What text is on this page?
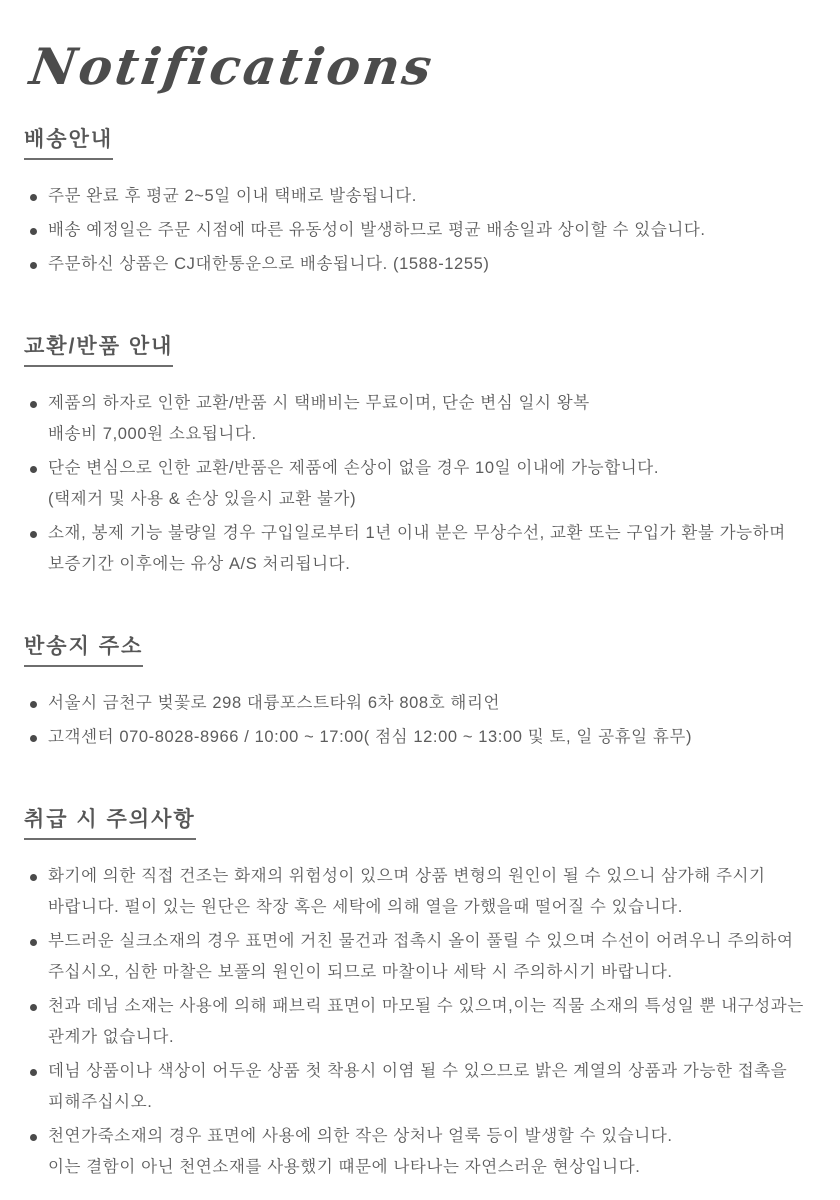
Notifications
배송안내
주문 완료 후 평균 2~5일 이내 택배로 발송됩니다.
배송 예정일은 주문 시점에 따른 유동성이 발생하므로 평균 배송일과 상이할 수 있습니다.
주문하신 상품은 CJ대한통운으로 배송됩니다. (1588-1255)
교환/반품 안내
제품의 하자로 인한 교환/반품 시 택배비는 무료이며, 단순 변심 일시 왕복
배송비 7,000원 소요됩니다.
단순 변심으로 인한 교환/반품은 제품에 손상이 없을 경우 10일 이내에 가능합니다.
(택제거 및 사용 & 손상 있을시 교환 불가)
소재, 봉제 기능 불량일 경우 구입일로부터 1년 이내 분은 무상수선, 교환 또는 구입가 환불 가능하며
보증기간 이후에는 유상 A/S 처리됩니다.
반송지 주소
서울시 금천구 벚꽃로 298 대륭포스트타워 6차 808호 해리언
고객센터 070-8028-8966 / 10:00 ~ 17:00( 점심 12:00 ~ 13:00 및 토, 일 공휴일 휴무)
취급 시 주의사항
화기에 의한 직접 건조는 화재의 위험성이 있으며 상품 변형의 원인이 될 수 있으니 삼가해 주시기
바랍니다. 펄이 있는 원단은 착장 혹은 세탁에 의해 열을 가했을때 떨어질 수 있습니다.
부드러운 실크소재의 경우 표면에 거친 물건과 접촉시 올이 풀릴 수 있으며 수선이 어려우니 주의하여
주십시오, 심한 마찰은 보풀의 원인이 되므로 마찰이나 세탁 시 주의하시기 바랍니다.
천과 데님 소재는 사용에 의해 패브릭 표면이 마모될 수 있으며,이는 직물 소재의 특성일 뿐 내구성과는
관계가 없습니다.
데님 상품이나 색상이 어두운 상품 첫 착용시 이염 될 수 있으므로 밝은 계열의 상품과 가능한 접촉을
피해주십시오.
천연가죽소재의 경우 표면에 사용에 의한 작은 상처나 얼룩 등이 발생할 수 있습니다.
이는 결함이 아닌 천연소재를 사용했기 떄문에 나타나는 자연스러운 현상입니다.
